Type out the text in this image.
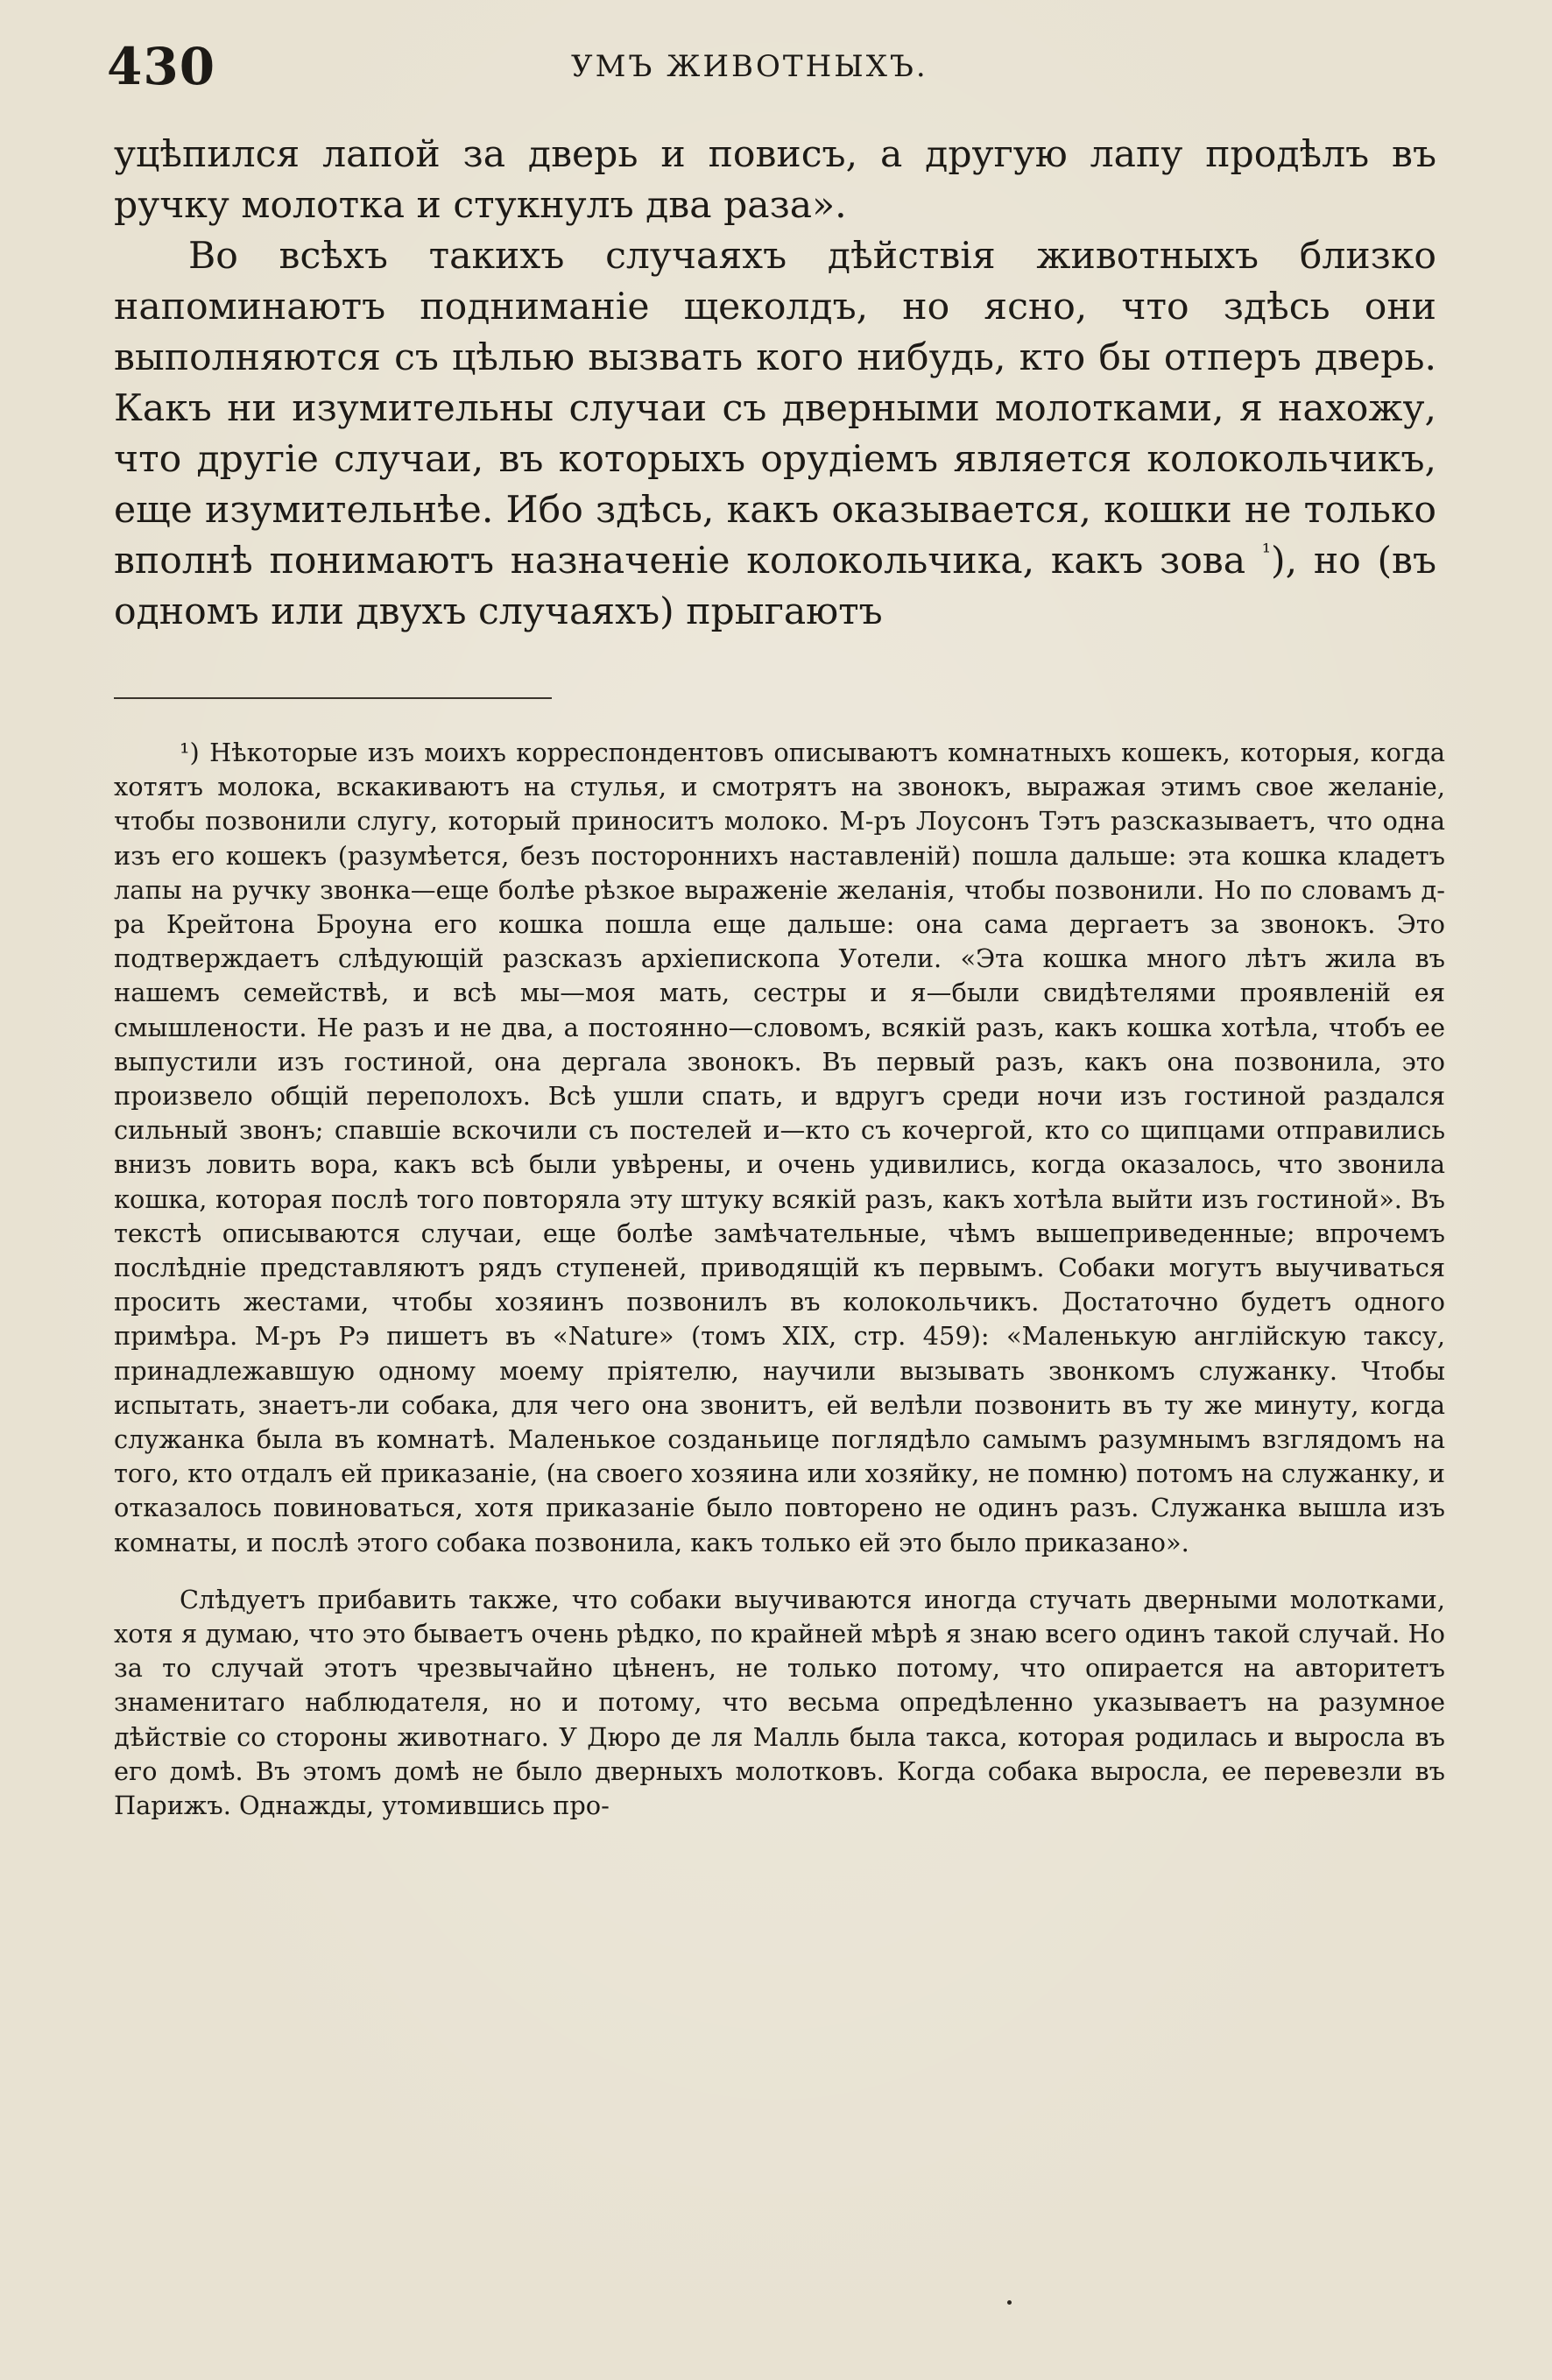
430	УМЪ ЖИВОТНЫХЪ.

уцѣпился лапой за дверь и повисъ, а другую лапу продѣлъ въ ручку молотка и стукнулъ два раза».

Во всѣхъ такихъ случаяхъ дѣйствія животныхъ близко напоминаютъ подниманіе щеколдъ, но ясно, что здѣсь они выполняются съ цѣлью вызвать кого нибудь, кто бы отперъ дверь. Какъ ни изумительны случаи съ дверными молотками, я нахожу, что другіе случаи, въ которыхъ орудіемъ является колокольчикъ, еще изумительнѣе. Ибо здѣсь, какъ оказывается, кошки не только вполнѣ понимаютъ назначеніе колокольчика, какъ зова $^{^1}$), но (въ одномъ или двухъ случаяхъ) прыгаютъ

¹) Нѣкоторые изъ моихъ корреспондентовъ описываютъ комнатныхъ кошекъ, которыя, когда хотятъ молока, вскакиваютъ на стулья, и смотрятъ на звонокъ, выражая этимъ свое желаніе, чтобы позвонили слугу, который приноситъ молоко. М-ръ Лоусонъ Тэтъ разсказываетъ, что одна изъ его кошекъ (разумѣется, безъ постороннихъ наставленій) пошла дальше: эта кошка кладетъ лапы на ручку звонка—еще болѣе рѣзкое выраженіе желанія, чтобы позвонили. Но по словамъ д-ра Крейтона Броуна его кошка пошла еще дальше: она сама дергаетъ за звонокъ. Это подтверждаетъ слѣдующій разсказъ архіепископа Уотели. «Эта кошка много лѣтъ жила въ нашемъ семействѣ, и всѣ мы—моя мать, сестры и я—были свидѣтелями проявленій ея смышлености. Не разъ и не два, а постоянно—словомъ, всякій разъ, какъ кошка хотѣла, чтобъ ее выпустили изъ гостиной, она дергала звонокъ. Въ первый разъ, какъ она позвонила, это произвело общій переполохъ. Всѣ ушли спать, и вдругъ среди ночи изъ гостиной раздался сильный звонъ; спавшіе вскочили съ постелей и—кто съ кочергой, кто со щипцами отправились внизъ ловить вора, какъ всѣ были увѣрены, и очень удивились, когда оказалось, что звонила кошка, которая послѣ того повторяла эту штуку всякій разъ, какъ хотѣла выйти изъ гостиной». Въ текстѣ описываются случаи, еще болѣе замѣчательные, чѣмъ вышеприведенные; впрочемъ послѣдніе представляютъ рядъ ступеней, приводящій къ первымъ. Собаки могутъ выучиваться просить жестами, чтобы хозяинъ позвонилъ въ колокольчикъ. Достаточно будетъ одного примѣра. М-ръ Рэ пишетъ въ «Nature» (томъ XIX, стр. 459): «Маленькую англійскую таксу, принадлежавшую одному моему пріятелю, научили вызывать звонкомъ служанку. Чтобы испытать, знаетъ-ли собака, для чего она звонитъ, ей велѣли позвонить въ ту же минуту, когда служанка была въ комнатѣ. Маленькое созданьице поглядѣло самымъ разумнымъ взглядомъ на того, кто отдалъ ей приказаніе, (на своего хозяина или хозяйку, не помню) потомъ на служанку, и отказалось повиноваться, хотя приказаніе было повторено не одинъ разъ. Служанка вышла изъ комнаты, и послѣ этого собака позвонила, какъ только ей это было приказано».

Слѣдуетъ прибавить также, что собаки выучиваются иногда стучать дверными молотками, хотя я думаю, что это бываетъ очень рѣдко, по крайней мѣрѣ я знаю всего одинъ такой случай. Но за то случай этотъ чрезвычайно цѣненъ, не только потому, что опирается на авторитетъ знаменитаго наблюдателя, но и потому, что весьма опредѣленно указываетъ на разумное дѣйствіе со стороны животнаго. У Дюро де ля Малль была такса, которая родилась и выросла въ его домѣ. Въ этомъ домѣ не было дверныхъ молотковъ. Когда собака выросла, ее перевезли въ Парижъ. Однажды, утомившись про-
